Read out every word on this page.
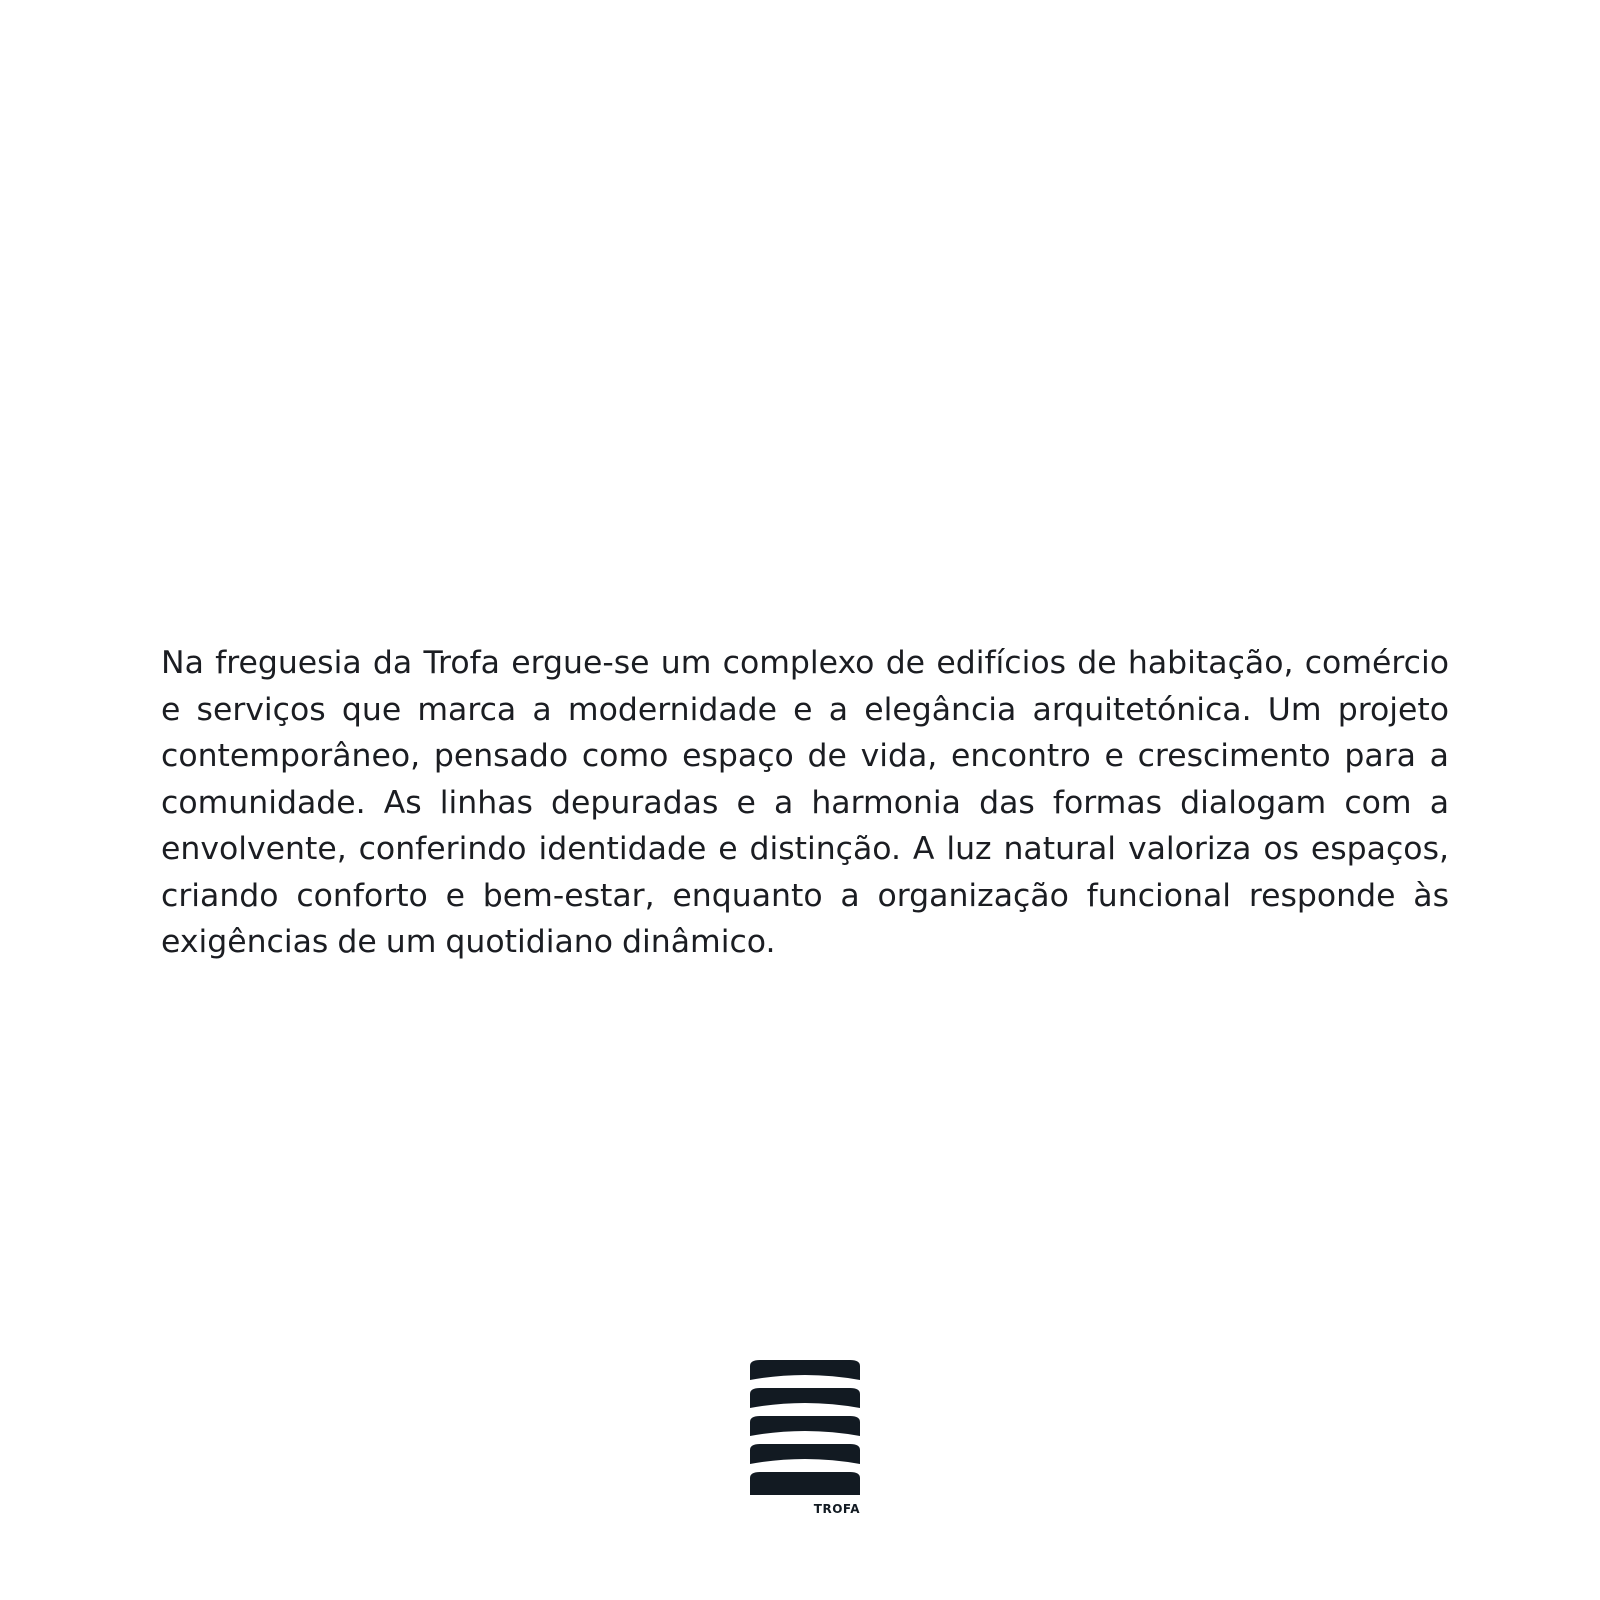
Na freguesia da Trofa ergue-se um complexo de edifícios de habitação, comércio e serviços que marca a modernidade e a elegância arquitetónica. Um projeto contemporâneo, pensado como espaço de vida, encontro e crescimento para a comunidade. As linhas depuradas e a harmonia das formas dialogam com a envolvente, conferindo identidade e distinção. A luz natural valoriza os espaços, criando conforto e bem-estar, enquanto a organização funcional responde às exigências de um quotidiano dinâmico.

TROFA
